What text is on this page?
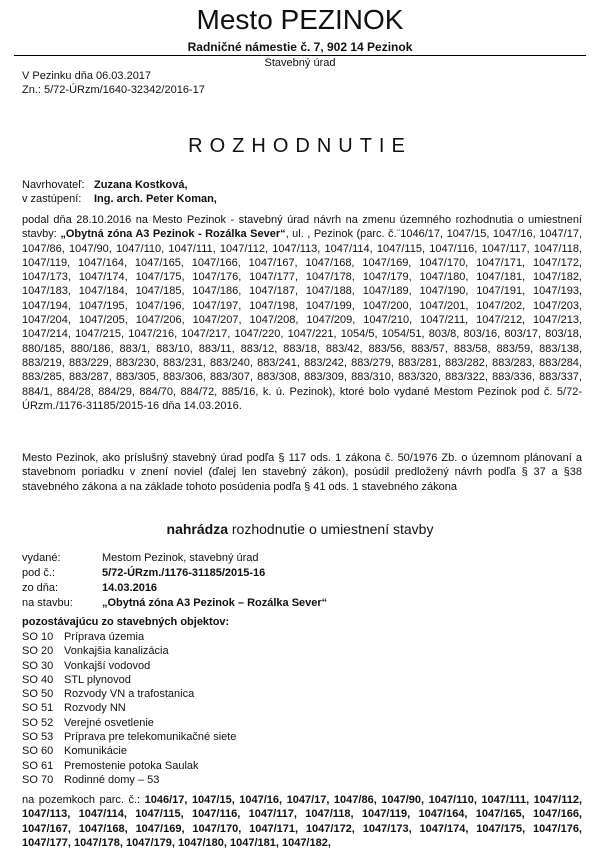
Mesto PEZINOK
Radničné námestie č. 7, 902 14 Pezinok
Stavebný úrad
V Pezinku dňa 06.03.2017
Zn.: 5/72-ÚRzm/1640-32342/2016-17
ROZHODNUTIE
Navrhovateľ: Zuzana Kostková,
v zastúpení: Ing. arch. Peter Koman,
podal dňa 28.10.2016 na Mesto Pezinok - stavebný úrad návrh na zmenu územného rozhodnutia o umiestnení stavby: „Obytná zóna A3 Pezinok - Rozálka Sever“, ul. , Pezinok (parc. č.¨1046/17, 1047/15, 1047/16, 1047/17, 1047/86, 1047/90, 1047/110, 1047/111, 1047/112, 1047/113, 1047/114, 1047/115, 1047/116, 1047/117, 1047/118, 1047/119, 1047/164, 1047/165, 1047/166, 1047/167, 1047/168, 1047/169, 1047/170, 1047/171, 1047/172, 1047/173, 1047/174, 1047/175, 1047/176, 1047/177, 1047/178, 1047/179, 1047/180, 1047/181, 1047/182, 1047/183, 1047/184, 1047/185, 1047/186, 1047/187, 1047/188, 1047/189, 1047/190, 1047/191, 1047/193, 1047/194, 1047/195, 1047/196, 1047/197, 1047/198, 1047/199, 1047/200, 1047/201, 1047/202, 1047/203, 1047/204, 1047/205, 1047/206, 1047/207, 1047/208, 1047/209, 1047/210, 1047/211, 1047/212, 1047/213, 1047/214, 1047/215, 1047/216, 1047/217, 1047/220, 1047/221, 1054/5, 1054/51, 803/8, 803/16, 803/17, 803/18, 880/185, 880/186, 883/1, 883/10, 883/11, 883/12, 883/18, 883/42, 883/56, 883/57, 883/58, 883/59, 883/138, 883/219, 883/229, 883/230, 883/231, 883/240, 883/241, 883/242, 883/279, 883/281, 883/282, 883/283, 883/284, 883/285, 883/287, 883/305, 883/306, 883/307, 883/308, 883/309, 883/310, 883/320, 883/322, 883/336, 883/337, 884/1, 884/28, 884/29, 884/70, 884/72, 885/16, k. ú. Pezinok), ktoré bolo vydané Mestom Pezinok pod č. 5/72-ÚRzm./1176-31185/2015-16 dňa 14.03.2016.
Mesto Pezinok, ako príslušný stavebný úrad podľa § 117 ods. 1 zákona č. 50/1976 Zb. o územnom plánovaní a stavebnom poriadku v znení noviel (ďalej len stavebný zákon), posúdil predložený návrh podľa § 37 a §38 stavebného zákona a na základe tohoto posúdenia podľa § 41 ods. 1 stavebného zákona
nahrádza rozhodnutie o umiestnení stavby
vydané:	Mestom Pezinok, stavebný úrad
pod č.:	5/72-ÚRzm./1176-31185/2015-16
zo dňa:	14.03.2016
na stavbu:	„Obytná zóna A3 Pezinok – Rozálka Sever“
pozostávajúcu zo stavebných objektov:
SO 10 Príprava územia
SO 20 Vonkajšia kanalizácia
SO 30 Vonkajší vodovod
SO 40 STL plynovod
SO 50 Rozvody VN a trafostanica
SO 51 Rozvody NN
SO 52 Verejné osvetlenie
SO 53 Príprava pre telekomunikačné siete
SO 60 Komunikácie
SO 61 Premostenie potoka Saulak
SO 70 Rodinné domy – 53
na pozemkoch parc. č.: 1046/17, 1047/15, 1047/16, 1047/17, 1047/86, 1047/90, 1047/110, 1047/111, 1047/112, 1047/113, 1047/114, 1047/115, 1047/116, 1047/117, 1047/118, 1047/119, 1047/164, 1047/165, 1047/166, 1047/167, 1047/168, 1047/169, 1047/170, 1047/171, 1047/172, 1047/173, 1047/174, 1047/175, 1047/176, 1047/177, 1047/178, 1047/179, 1047/180, 1047/181, 1047/182,
